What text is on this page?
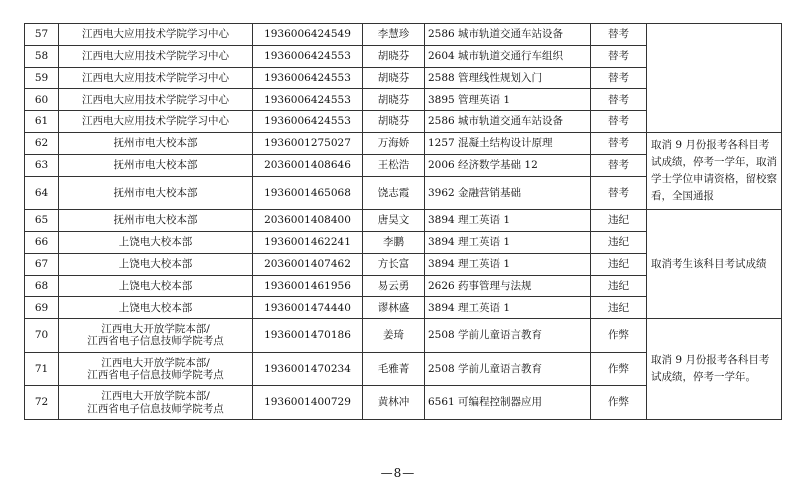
57	江西电大应用技术学院学习中心	1936006424549	李慧珍	2586 城市轨道交通车站设备	替考	
58	江西电大应用技术学院学习中心	1936006424553	胡晓芬	2604 城市轨道交通行车组织	替考	
59	江西电大应用技术学院学习中心	1936006424553	胡晓芬	2588 管理线性规划入门	替考	
60	江西电大应用技术学院学习中心	1936006424553	胡晓芬	3895 管理英语 1	替考	
61	江西电大应用技术学院学习中心	1936006424553	胡晓芬	2586 城市轨道交通车站设备	替考	
62	抚州市电大校本部	1936001275027	万海娇	1257 混凝土结构设计原理	替考	取消 9 月份报考各科目考试成绩，停考一学年，取消学士学位申请资格，留校察看，全国通报
63	抚州市电大校本部	2036001408646	王松浩	2006 经济数学基础 12	替考	
64	抚州市电大校本部	1936001465068	饶志霞	3962 金融营销基础	替考	
65	抚州市电大校本部	2036001408400	唐昊文	3894 理工英语 1	违纪	取消考生该科目考试成绩
66	上饶电大校本部	1936001462241	李鹏	3894 理工英语 1	违纪	
67	上饶电大校本部	2036001407462	方长富	3894 理工英语 1	违纪	
68	上饶电大校本部	1936001461956	易云勇	2626 药事管理与法规	违纪	
69	上饶电大校本部	1936001474440	谬林盛	3894 理工英语 1	违纪	
70	江西电大开放学院本部/
江西省电子信息技师学院考点	1936001470186	姜琦	2508 学前儿童语言教育	作弊	取消 9 月份报考各科目考试成绩，停考一学年。
71	江西电大开放学院本部/
江西省电子信息技师学院考点	1936001470234	毛雅菁	2508 学前儿童语言教育	作弊	
72	江西电大开放学院本部/
江西省电子信息技师学院考点	1936001400729	黄林冲	6561 可编程控制器应用	作弊	
—8—
